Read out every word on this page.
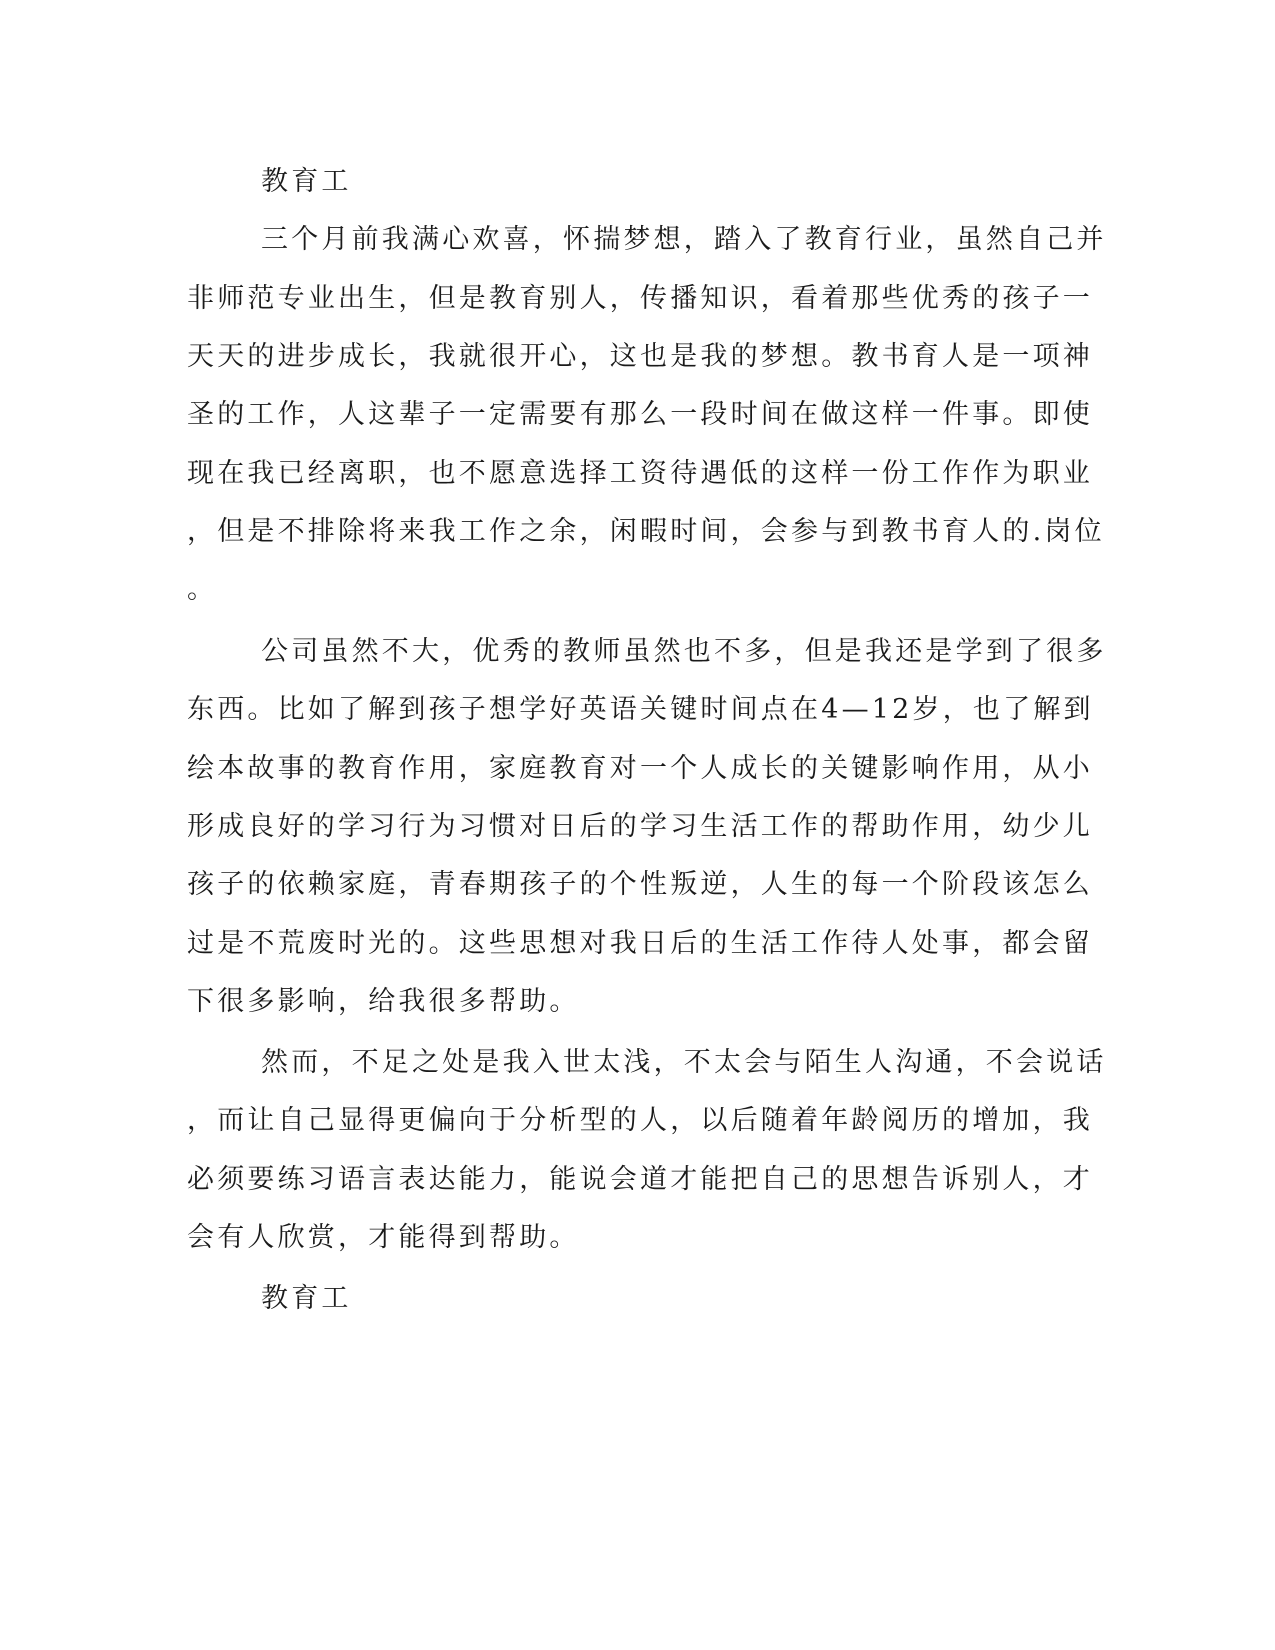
教育工
三个月前我满心欢喜，怀揣梦想，踏入了教育行业，虽然自己并
非师范专业出生，但是教育别人，传播知识，看着那些优秀的孩子一
天天的进步成长，我就很开心，这也是我的梦想。教书育人是一项神
圣的工作，人这辈子一定需要有那么一段时间在做这样一件事。即使
现在我已经离职，也不愿意选择工资待遇低的这样一份工作作为职业
，但是不排除将来我工作之余，闲暇时间，会参与到教书育人的.岗位
。
公司虽然不大，优秀的教师虽然也不多，但是我还是学到了很多
东西。比如了解到孩子想学好英语关键时间点在4—12岁，也了解到
绘本故事的教育作用，家庭教育对一个人成长的关键影响作用，从小
形成良好的学习行为习惯对日后的学习生活工作的帮助作用，幼少儿
孩子的依赖家庭，青春期孩子的个性叛逆，人生的每一个阶段该怎么
过是不荒废时光的。这些思想对我日后的生活工作待人处事，都会留
下很多影响，给我很多帮助。
然而，不足之处是我入世太浅，不太会与陌生人沟通，不会说话
，而让自己显得更偏向于分析型的人，以后随着年龄阅历的增加，我
必须要练习语言表达能力，能说会道才能把自己的思想告诉别人，才
会有人欣赏，才能得到帮助。
教育工
